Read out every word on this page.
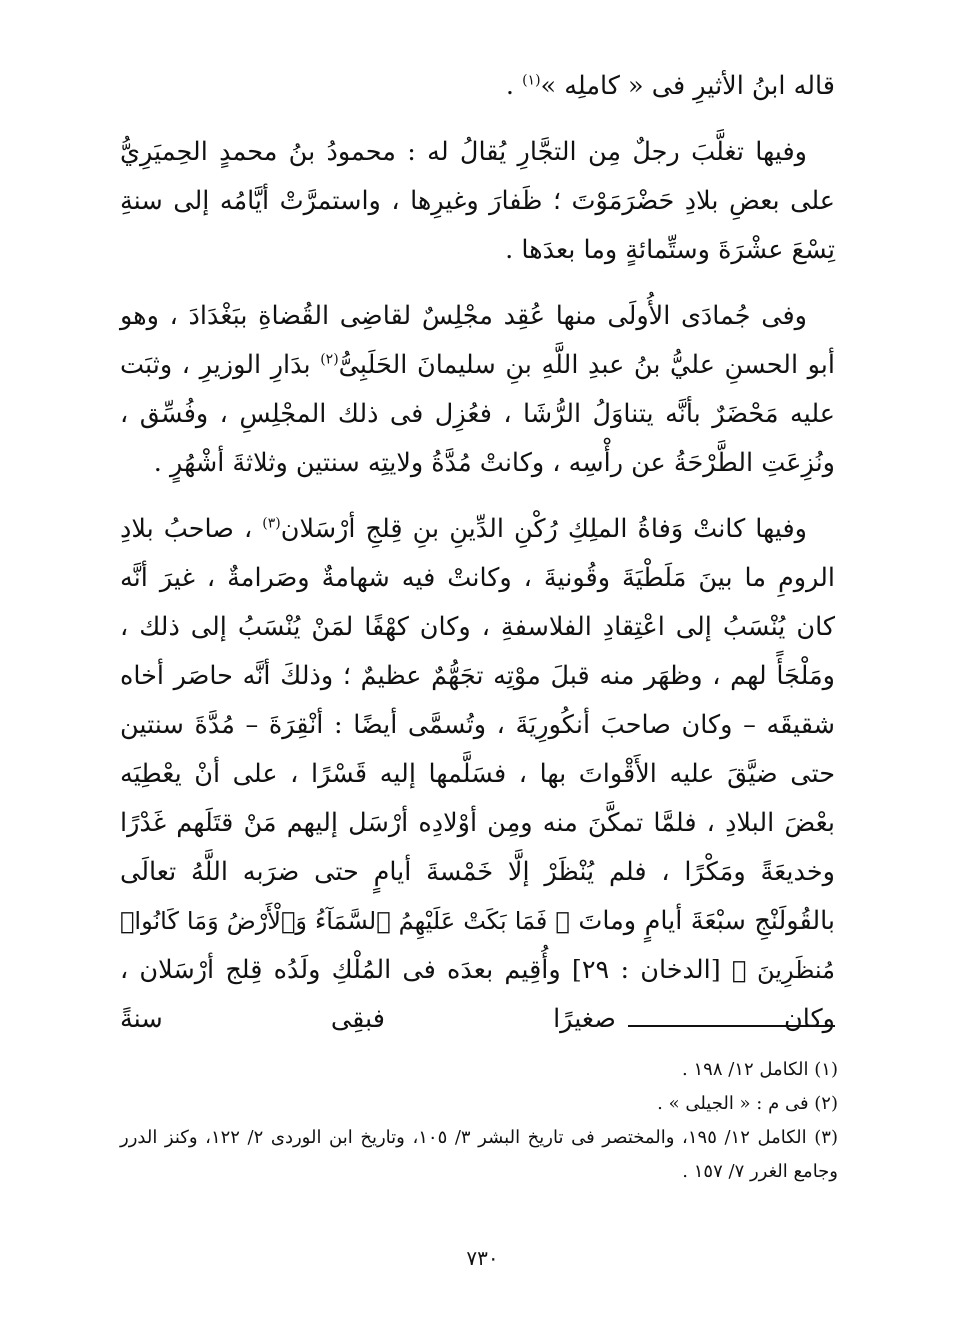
قاله ابنُ الأثيرِ فى « كاملِه »$^{(١)}$ .

وفيها تغلَّبَ رجلٌ مِن التجَّارِ يُقالُ له : محمودُ بنُ محمدٍ الحِميَرِيُّ على بعضِ بلادِ حَضْرَمَوْتَ ؛ ظَفارَ وغيرِها ، واستمرَّتْ أيَّامُه إلى سنةِ تِسْعَ عشْرَةَ وستِّمائةٍ وما بعدَها .

وفى جُمادَى الأُولَى منها عُقِد مجْلِسٌ لقاضِى القُضاةِ ببَغْدَادَ ، وهو أبو الحسنِ عليُّ بنُ عبدِ اللَّهِ بنِ سليمانَ الحَلَبِىُّ$^{(٢)}$ بدَارِ الوزيرِ ، وثبَت عليه مَحْضَرٌ بأنَّه يتناوَلُ الرُّشَا ، فعُزِل فى ذلك المجْلِسِ ، وفُسِّق ، ونُزِعَتِ الطَّرْحَةُ عن رأْسِه ، وكانتْ مُدَّةُ ولايتِه سنتين وثلاثةَ أشْهُرٍ .

وفيها كانتْ وَفاةُ الملِكِ رُكْنِ الدِّينِ بنِ قِلجِ أرْسَلان$^{(٣)}$ ، صاحبُ بلادِ الرومِ ما بينَ مَلَطْيَةَ وقُونيةَ ، وكانتْ فيه شهامةٌ وصَرامةٌ ، غيرَ أنَّه كان يُنْسَبُ إلى اعْتِقادِ الفلاسفةِ ، وكان كهْفًا لمَنْ يُنْسَبُ إلى ذلك ، ومَلْجَأً لهم ، وظهَر منه قبلَ موْتِه تجَهُّمٌ عظيمٌ ؛ وذلكَ أنَّه حاصَر أخاه شقيقَه – وكان صاحبَ أنكُورِيَةَ ، وتُسمَّى أيضًا : أنْقِرَةَ – مُدَّةَ سنتين حتى ضيَّقَ عليه الأَقْواتَ بها ، فسَلَّمها إليه قَسْرًا ، على أنْ يعْطِيَه بعْضَ البلادِ ، فلمَّا تمكَّنَ منه ومِن أوْلادِه أرْسَل إليهم مَنْ قتَلَهم غَدْرًا وخديعَةً ومَكْرًا ، فلم يُنْظَرْ إلَّا خَمْسةَ أيامٍ حتى ضرَبه اللَّهُ تعالَى بالقُولَنْجِ سبْعَةَ أيامٍ وماتَ ﴿ فَمَا بَكَتْ عَلَيْهِمُ ٱلسَّمَآءُ وَٱلْأَرْضُ وَمَا كَانُوا۟ مُنظَرِينَ ﴾ [الدخان : ٢٩] وأُقِيم بعدَه فى المُلْكِ ولَدُه قِلج أرْسَلان ، وكان صغيرًا فبقِى سنةً

(١) الكامل ١٢/ ١٩٨ .

(٢) فى م : « الجيلى » .

(٣) الكامل ١٢/ ١٩٥، والمختصر فى تاريخ البشر ٣/ ١٠٥، وتاريخ ابن الوردى ٢/ ١٢٢، وكنز الدرر وجامع الغرر ٧/ ١٥٧ .

٧٣٠
